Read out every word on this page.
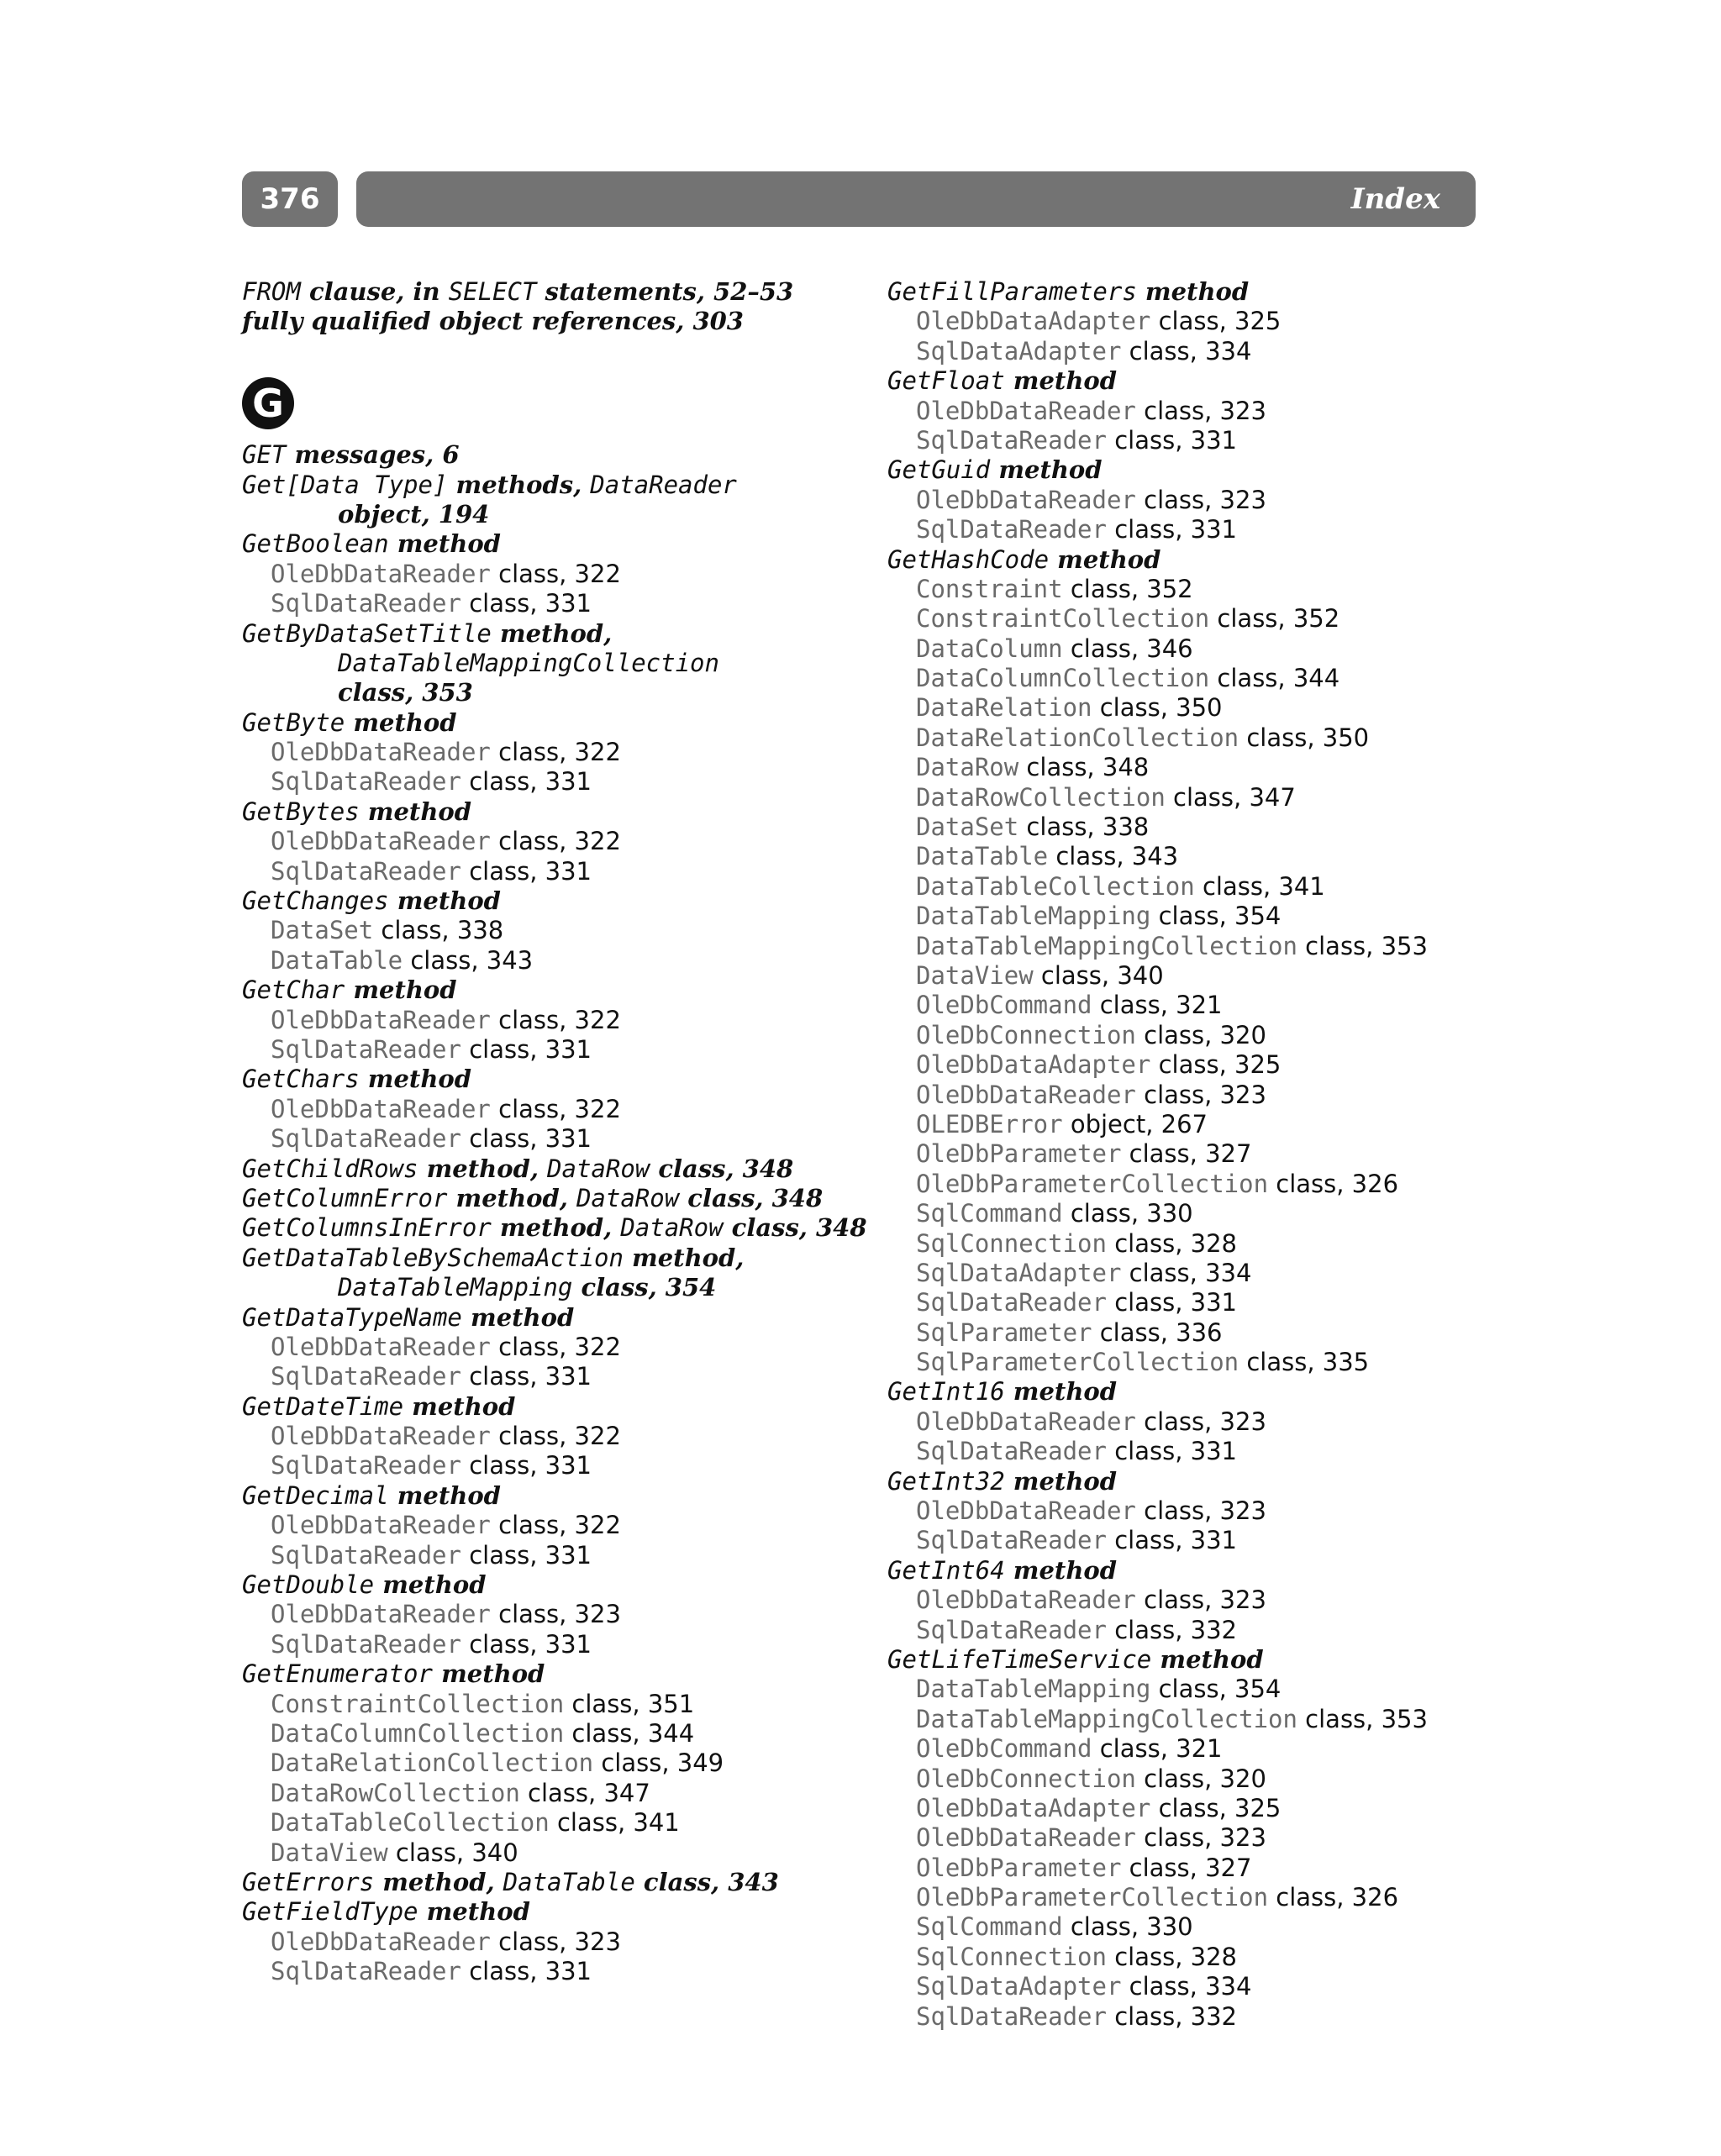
376	Index
FROM clause, in SELECT statements, 52–53
fully qualified object references, 303
G
GET messages, 6
Get[Data Type] methods, DataReader
object, 194
GetBoolean method
OleDbDataReader class, 322
SqlDataReader class, 331
GetByDataSetTitle method,
DataTableMappingCollection
class, 353
GetByte method
OleDbDataReader class, 322
SqlDataReader class, 331
GetBytes method
OleDbDataReader class, 322
SqlDataReader class, 331
GetChanges method
DataSet class, 338
DataTable class, 343
GetChar method
OleDbDataReader class, 322
SqlDataReader class, 331
GetChars method
OleDbDataReader class, 322
SqlDataReader class, 331
GetChildRows method, DataRow class, 348
GetColumnError method, DataRow class, 348
GetColumnsInError method, DataRow class, 348
GetDataTableBySchemaAction method,
DataTableMapping class, 354
GetDataTypeName method
OleDbDataReader class, 322
SqlDataReader class, 331
GetDateTime method
OleDbDataReader class, 322
SqlDataReader class, 331
GetDecimal method
OleDbDataReader class, 322
SqlDataReader class, 331
GetDouble method
OleDbDataReader class, 323
SqlDataReader class, 331
GetEnumerator method
ConstraintCollection class, 351
DataColumnCollection class, 344
DataRelationCollection class, 349
DataRowCollection class, 347
DataTableCollection class, 341
DataView class, 340
GetErrors method, DataTable class, 343
GetFieldType method
OleDbDataReader class, 323
SqlDataReader class, 331
GetFillParameters method
OleDbDataAdapter class, 325
SqlDataAdapter class, 334
GetFloat method
OleDbDataReader class, 323
SqlDataReader class, 331
GetGuid method
OleDbDataReader class, 323
SqlDataReader class, 331
GetHashCode method
Constraint class, 352
ConstraintCollection class, 352
DataColumn class, 346
DataColumnCollection class, 344
DataRelation class, 350
DataRelationCollection class, 350
DataRow class, 348
DataRowCollection class, 347
DataSet class, 338
DataTable class, 343
DataTableCollection class, 341
DataTableMapping class, 354
DataTableMappingCollection class, 353
DataView class, 340
OleDbCommand class, 321
OleDbConnection class, 320
OleDbDataAdapter class, 325
OleDbDataReader class, 323
OLEDBError object, 267
OleDbParameter class, 327
OleDbParameterCollection class, 326
SqlCommand class, 330
SqlConnection class, 328
SqlDataAdapter class, 334
SqlDataReader class, 331
SqlParameter class, 336
SqlParameterCollection class, 335
GetInt16 method
OleDbDataReader class, 323
SqlDataReader class, 331
GetInt32 method
OleDbDataReader class, 323
SqlDataReader class, 331
GetInt64 method
OleDbDataReader class, 323
SqlDataReader class, 332
GetLifeTimeService method
DataTableMapping class, 354
DataTableMappingCollection class, 353
OleDbCommand class, 321
OleDbConnection class, 320
OleDbDataAdapter class, 325
OleDbDataReader class, 323
OleDbParameter class, 327
OleDbParameterCollection class, 326
SqlCommand class, 330
SqlConnection class, 328
SqlDataAdapter class, 334
SqlDataReader class, 332
